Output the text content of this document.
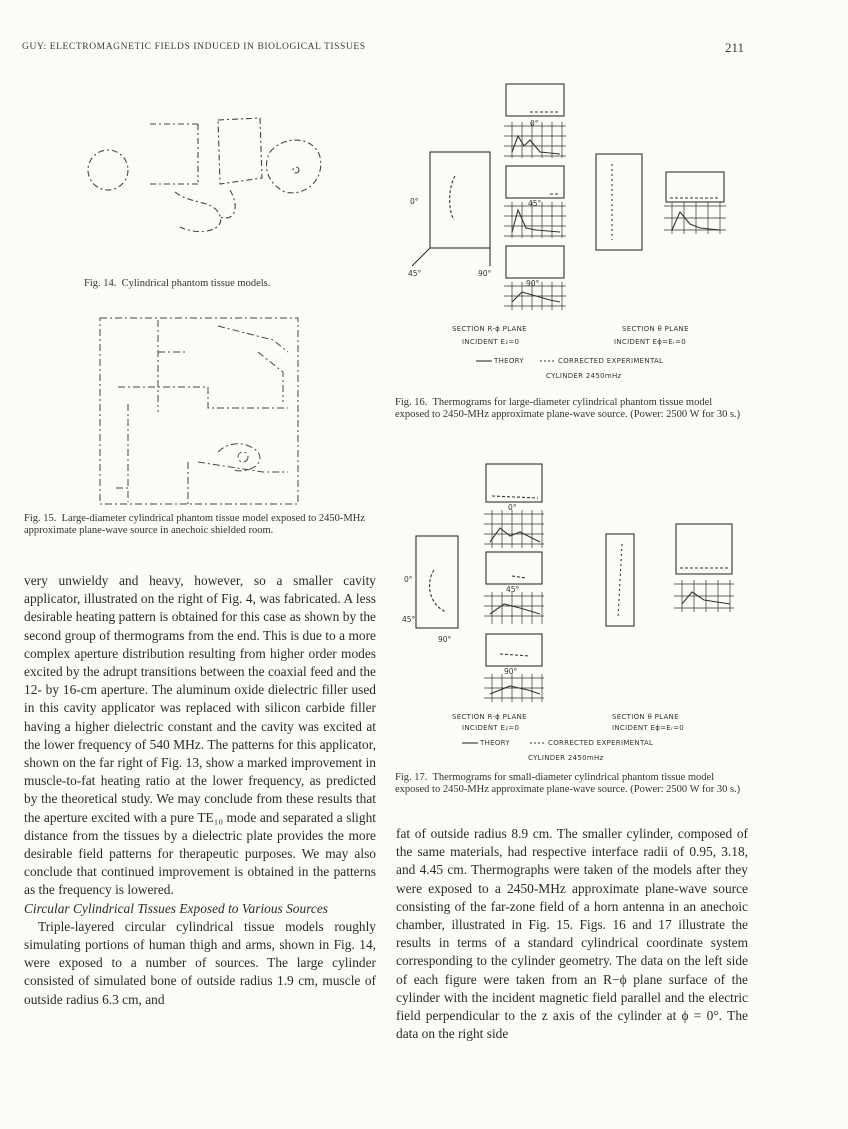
GUY: ELECTROMAGNETIC FIELDS INDUCED IN BIOLOGICAL TISSUES	211
Fig. 14. Cylindrical phantom tissue models.
Fig. 15. Large-diameter cylindrical phantom tissue model exposed to 2450-MHz approximate plane-wave source in anechoic shielded room.
0°
45°	90°
0°
45°
90°
SECTION R-ϕ PLANE
INCIDENT E₂=0
SECTION θ PLANE
INCIDENT Eϕ=Eᵣ=0
THEORY	CORRECTED EXPERIMENTAL
CYLINDER 2450mHz
Fig. 16. Thermograms for large-diameter cylindrical phantom tissue model exposed to 2450-MHz approximate plane-wave source. (Power: 2500 W for 30 s.)
0°
45°
90°
0°
45°
90°
SECTION R-ϕ PLANE
INCIDENT E₂=0
SECTION θ PLANE
INCIDENT Eϕ=Eᵣ=0
THEORY	CORRECTED EXPERIMENTAL
CYLINDER 2450mHz
Fig. 17. Thermograms for small-diameter cylindrical phantom tissue model exposed to 2450-MHz approximate plane-wave source. (Power: 2500 W for 30 s.)

very unwieldy and heavy, however, so a smaller cavity applicator, illustrated on the right of Fig. 4, was fabricated. A less desirable heating pattern is obtained for this case as shown by the second group of thermograms from the end. This is due to a more complex aperture distribution resulting from higher order modes excited by the adrupt transitions between the coaxial feed and the 12- by 16-cm aperture. The aluminum oxide dielectric filler used in this cavity applicator was replaced with silicon carbide filler having a higher dielectric constant and the cavity was excited at the lower frequency of 540 MHz. The patterns for this applicator, shown on the far right of Fig. 13, show a marked improvement in muscle-to-fat heating ratio at the lower frequency, as predicted by the theoretical study. We may conclude from these results that the aperture excited with a pure TE₁₀ mode and separated a slight distance from the tissues by a dielectric plate provides the more desirable field patterns for therapeutic purposes. We may also conclude that continued improvement is obtained in the patterns as the frequency is lowered.

Circular Cylindrical Tissues Exposed to Various Sources

Triple-layered circular cylindrical tissue models roughly simulating portions of human thigh and arms, shown in Fig. 14, were exposed to a number of sources. The large cylinder consisted of simulated bone of outside radius 1.9 cm, muscle of outside radius 6.3 cm, and

fat of outside radius 8.9 cm. The smaller cylinder, composed of the same materials, had respective interface radii of 0.95, 3.18, and 4.45 cm. Thermographs were taken of the models after they were exposed to a 2450-MHz approximate plane-wave source consisting of the far-zone field of a horn antenna in an anechoic chamber, illustrated in Fig. 15. Figs. 16 and 17 illustrate the results in terms of a standard cylindrical coordinate system corresponding to the cylinder geometry. The data on the left side of each figure were taken from an R−ϕ plane surface of the cylinder with the incident magnetic field parallel and the electric field perpendicular to the z axis of the cylinder at ϕ = 0°. The data on the right side
